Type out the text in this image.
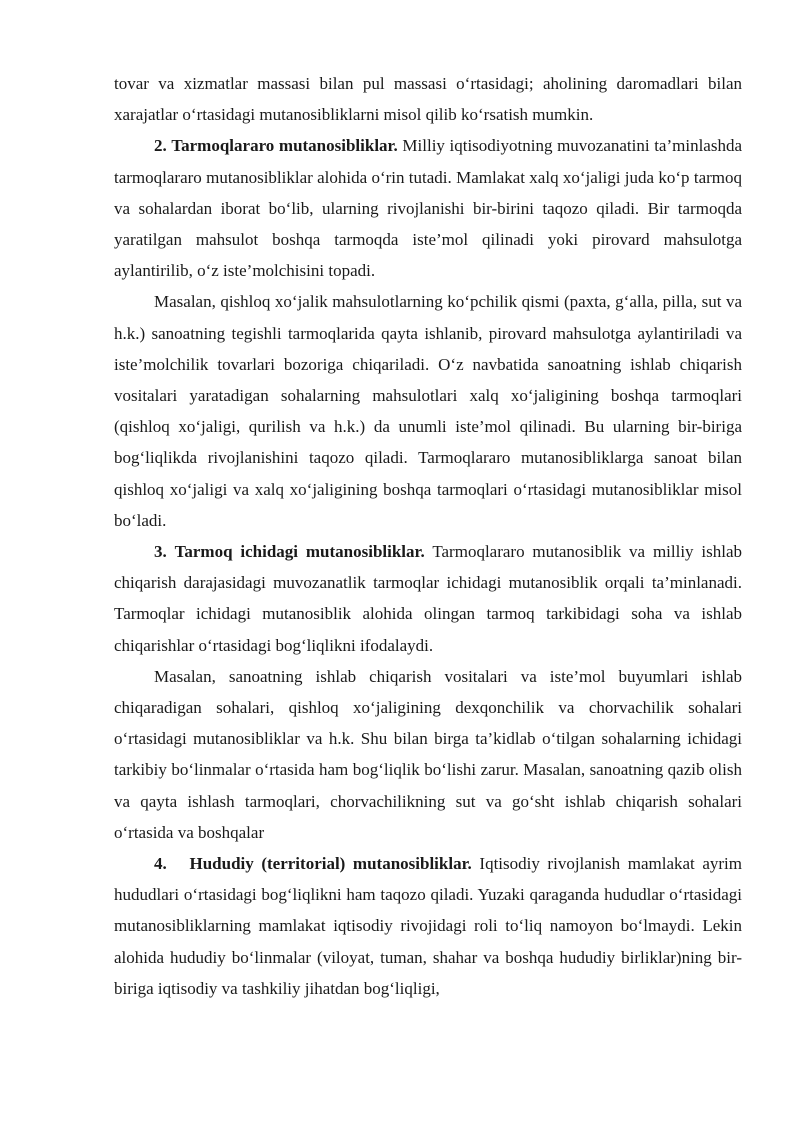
tovar va xizmatlar massasi bilan pul massasi o‘rtasidagi; aholining daromadlari bilan xarajatlar o‘rtasidagi mutanosibliklarni misol qilib ko‘rsatish mumkin.

2. Tarmoqlararo mutanosibliklar. Milliy iqtisodiyotning muvozanatini ta’minlashda tarmoqlararo mutanosibliklar alohida o‘rin tutadi. Mamlakat xalq xo‘jaligi juda ko‘p tarmoq va sohalardan iborat bo‘lib, ularning rivojlanishi bir-birini taqozo qiladi. Bir tarmoqda yaratilgan mahsulot boshqa tarmoqda iste’mol qilinadi yoki pirovard mahsulotga aylantirilib, o‘z iste’molchisini topadi.

Masalan, qishloq xo‘jalik mahsulotlarning ko‘pchilik qismi (paxta, g‘alla, pilla, sut va h.k.) sanoatning tegishli tarmoqlarida qayta ishlanib, pirovard mahsulotga aylantiriladi va iste’molchilik tovarlari bozoriga chiqariladi. O‘z navbatida sanoatning ishlab chiqarish vositalari yaratadigan sohalarning mahsulotlari xalq xo‘jaligining boshqa tarmoqlari (qishloq xo‘jaligi, qurilish va h.k.) da unumli iste’mol qilinadi. Bu ularning bir-biriga bog‘liqlikda rivojlanishini taqozo qiladi. Tarmoqlararo mutanosibliklarga sanoat bilan qishloq xo‘jaligi va xalq xo‘jaligining boshqa tarmoqlari o‘rtasidagi mutanosibliklar misol bo‘ladi.

3. Tarmoq ichidagi mutanosibliklar. Tarmoqlararo mutanosiblik va milliy ishlab chiqarish darajasidagi muvozanatlik tarmoqlar ichidagi mutanosiblik orqali ta’minlanadi. Tarmoqlar ichidagi mutanosiblik alohida olingan tarmoq tarkibidagi soha va ishlab chiqarishlar o‘rtasidagi bog‘liqlikni ifodalaydi.

Masalan, sanoatning ishlab chiqarish vositalari va iste’mol buyumlari ishlab chiqaradigan sohalari, qishloq xo‘jaligining dexqonchilik va chorvachilik sohalari o‘rtasidagi mutanosibliklar va h.k. Shu bilan birga ta’kidlab o‘tilgan sohalarning ichidagi tarkibiy bo‘linmalar o‘rtasida ham bog‘liqlik bo‘lishi zarur. Masalan, sanoatning qazib olish va qayta ishlash tarmoqlari, chorvachilikning sut va go‘sht ishlab chiqarish sohalari o‘rtasida va boshqalar

4. Hududiy (territorial) mutanosibliklar. Iqtisodiy rivojlanish mamlakat ayrim hududlari o‘rtasidagi bog‘liqlikni ham taqozo qiladi. Yuzaki qaraganda hududlar o‘rtasidagi mutanosibliklarning mamlakat iqtisodiy rivojidagi roli to‘liq namoyon bo‘lmaydi. Lekin alohida hududiy bo‘linmalar (viloyat, tuman, shahar va boshqa hududiy birliklar)ning bir-biriga iqtisodiy va tashkiliy jihatdan bog‘liqligi,
